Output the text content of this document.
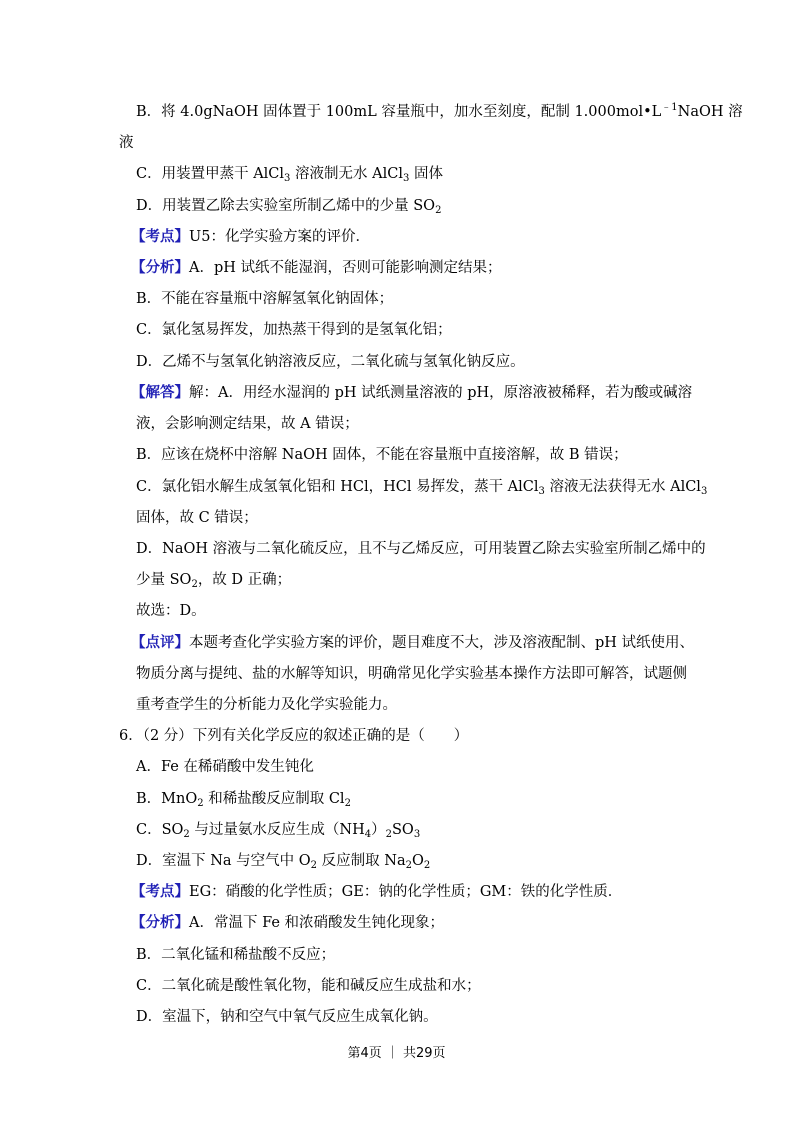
B．将 4.0gNaOH 固体置于 100mL 容量瓶中，加水至刻度，配制 $1.000mol•L^{﹣1}NaOH$ 溶
液
C．用装置甲蒸干 AlCl$_3$ 溶液制无水 AlCl$_3$ 固体
D．用装置乙除去实验室所制乙烯中的少量 $SO_2$
【考点】U5：化学实验方案的评价．
【分析】A．pH 试纸不能湿润，否则可能影响测定结果；
B．不能在容量瓶中溶解氢氧化钠固体；
C．氯化氢易挥发，加热蒸干得到的是氢氧化铝；
D．乙烯不与氢氧化钠溶液反应，二氧化硫与氢氧化钠反应。
【解答】解：A．用经水湿润的 pH 试纸测量溶液的 pH，原溶液被稀释，若为酸或碱溶
液，会影响测定结果，故 A 错误；
B．应该在烧杯中溶解 NaOH 固体，不能在容量瓶中直接溶解，故 B 错误；
C．氯化铝水解生成氢氧化铝和 HCl，HCl 易挥发，蒸干 AlCl$_3$ 溶液无法获得无水 AlCl$_3$
固体，故 C 错误；
D．NaOH 溶液与二氧化硫反应，且不与乙烯反应，可用装置乙除去实验室所制乙烯中的
少量 $SO_2$，故 D 正确；
故选：D。
【点评】本题考查化学实验方案的评价，题目难度不大，涉及溶液配制、pH 试纸使用、
物质分离与提纯、盐的水解等知识，明确常见化学实验基本操作方法即可解答，试题侧
重考查学生的分析能力及化学实验能力。
6．（2 分）下列有关化学反应的叙述正确的是（　　）
A．Fe 在稀硝酸中发生钝化
B．MnO$_2$ 和稀盐酸反应制取 $Cl_2$
C．$SO_2$ 与过量氨水反应生成$(NH_4)_2SO_3$
D．室温下 Na 与空气中 $O_2$ 反应制取 $Na_2O_2$
【考点】EG：硝酸的化学性质；GE：钠的化学性质；GM：铁的化学性质．
【分析】A．常温下 Fe 和浓硝酸发生钝化现象；
B．二氧化锰和稀盐酸不反应；
C．二氧化硫是酸性氧化物，能和碱反应生成盐和水；
D．室温下，钠和空气中氧气反应生成氧化钠。
第4页 ｜ 共29页
